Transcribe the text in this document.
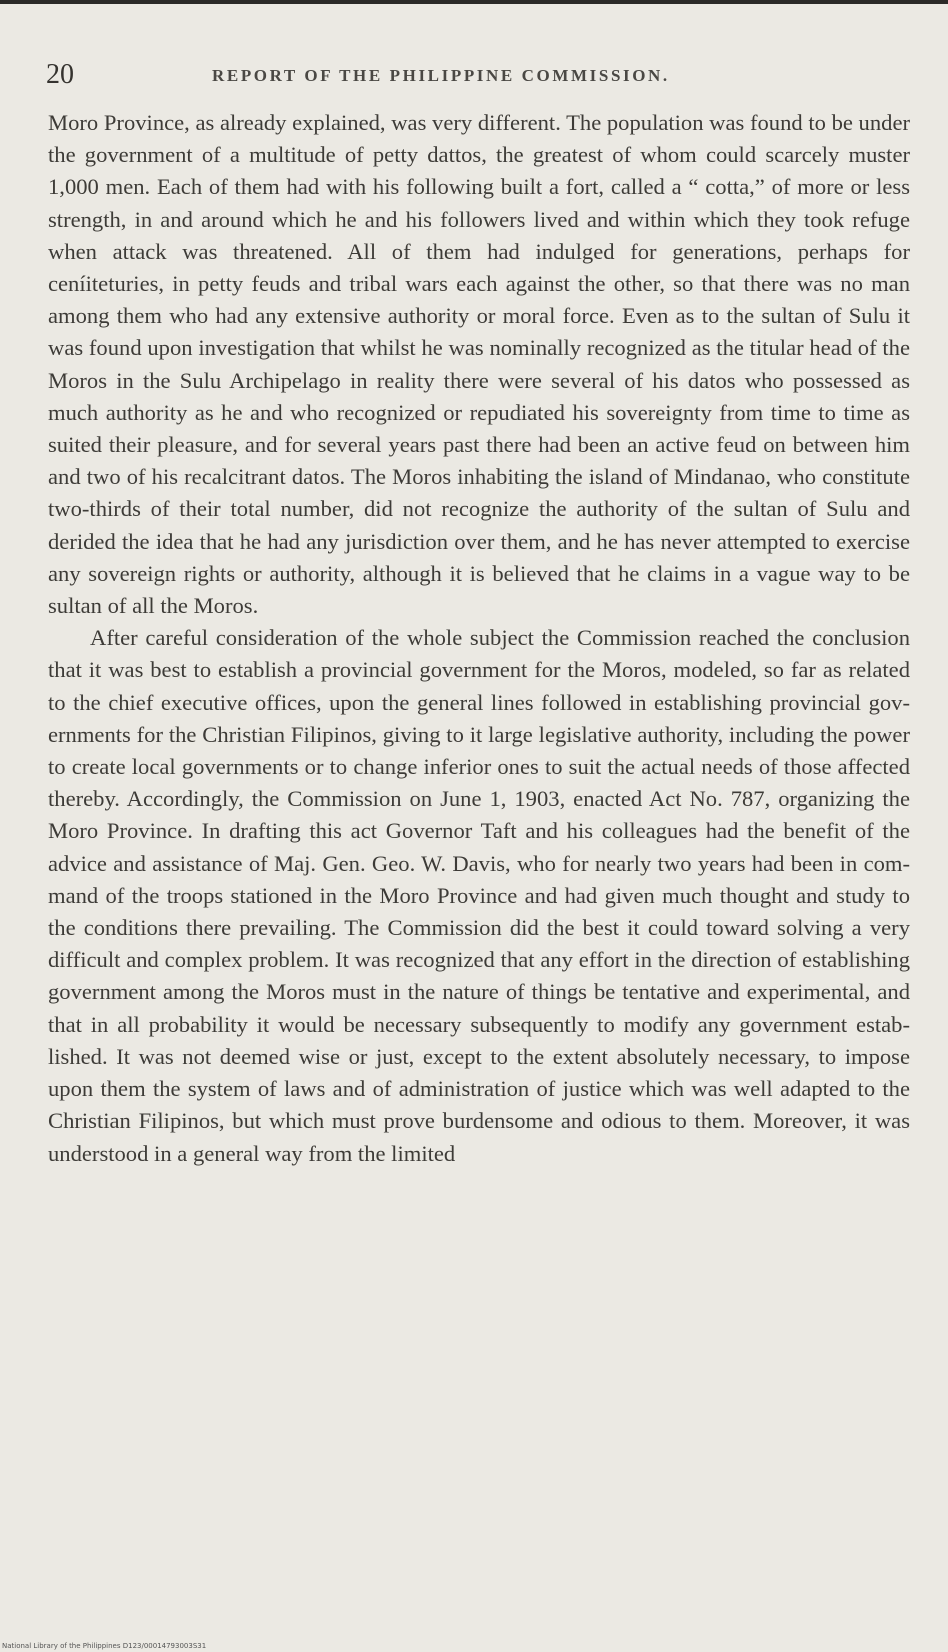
20	REPORT OF THE PHILIPPINE COMMISSION.

Moro Province, as already explained, was very different. The population was found to be under the government of a multitude of petty dattos, the greatest of whom could scarcely muster 1,000 men. Each of them had with his following built a fort, called a “ cotta,” of more or less strength, in and around which he and his followers lived and within which they took refuge when attack was threatened. All of them had indulged for generations, perhaps for ceníiteturies, in petty feuds and tribal wars each against the other, so that there was no man among them who had any extensive authority or moral force. Even as to the sultan of Sulu it was found upon investigation that whilst he was nominally recognized as the titular head of the Moros in the Sulu Archipelago in reality there were several of his datos who possessed as much authority as he and who recognized or repudiated his sovereignty from time to time as suited their pleasure, and for several years past there had been an active feud on between him and two of his recalcitrant datos. The Moros inhabiting the island of Mindanao, who constitute two-thirds of their total number, did not recognize the authority of the sultan of Sulu and derided the idea that he had any jurisdiction over them, and he has never attempted to exercise any sovereign rights or authority, although it is believed that he claims in a vague way to be sultan of all the Moros.

After careful consideration of the whole subject the Commission reached the conclusion that it was best to establish a provincial government for the Moros, modeled, so far as related to the chief executive offices, upon the general lines followed in establishing provincial governments for the Christian Filipinos, giving to it large legislative authority, including the power to create local governments or to change inferior ones to suit the actual needs of those affected thereby. Accordingly, the Commission on June 1, 1903, enacted Act No. 787, organizing the Moro Province. In drafting this act Governor Taft and his colleagues had the benefit of the advice and assistance of Maj. Gen. Geo. W. Davis, who for nearly two years had been in command of the troops stationed in the Moro Province and had given much thought and study to the conditions there prevailing. The Commission did the best it could toward solving a very difficult and complex problem. It was recognized that any effort in the direction of establishing government among the Moros must in the nature of things be tentative and experimental, and that in all probability it would be necessary subsequently to modify any government established. It was not deemed wise or just, except to the extent absolutely necessary, to impose upon them the system of laws and of administration of justice which was well adapted to the Christian Filipinos, but which must prove burdensome and odious to them. Moreover, it was understood in a general way from the limited

National Library of the Philippines D123/00014793003S31
